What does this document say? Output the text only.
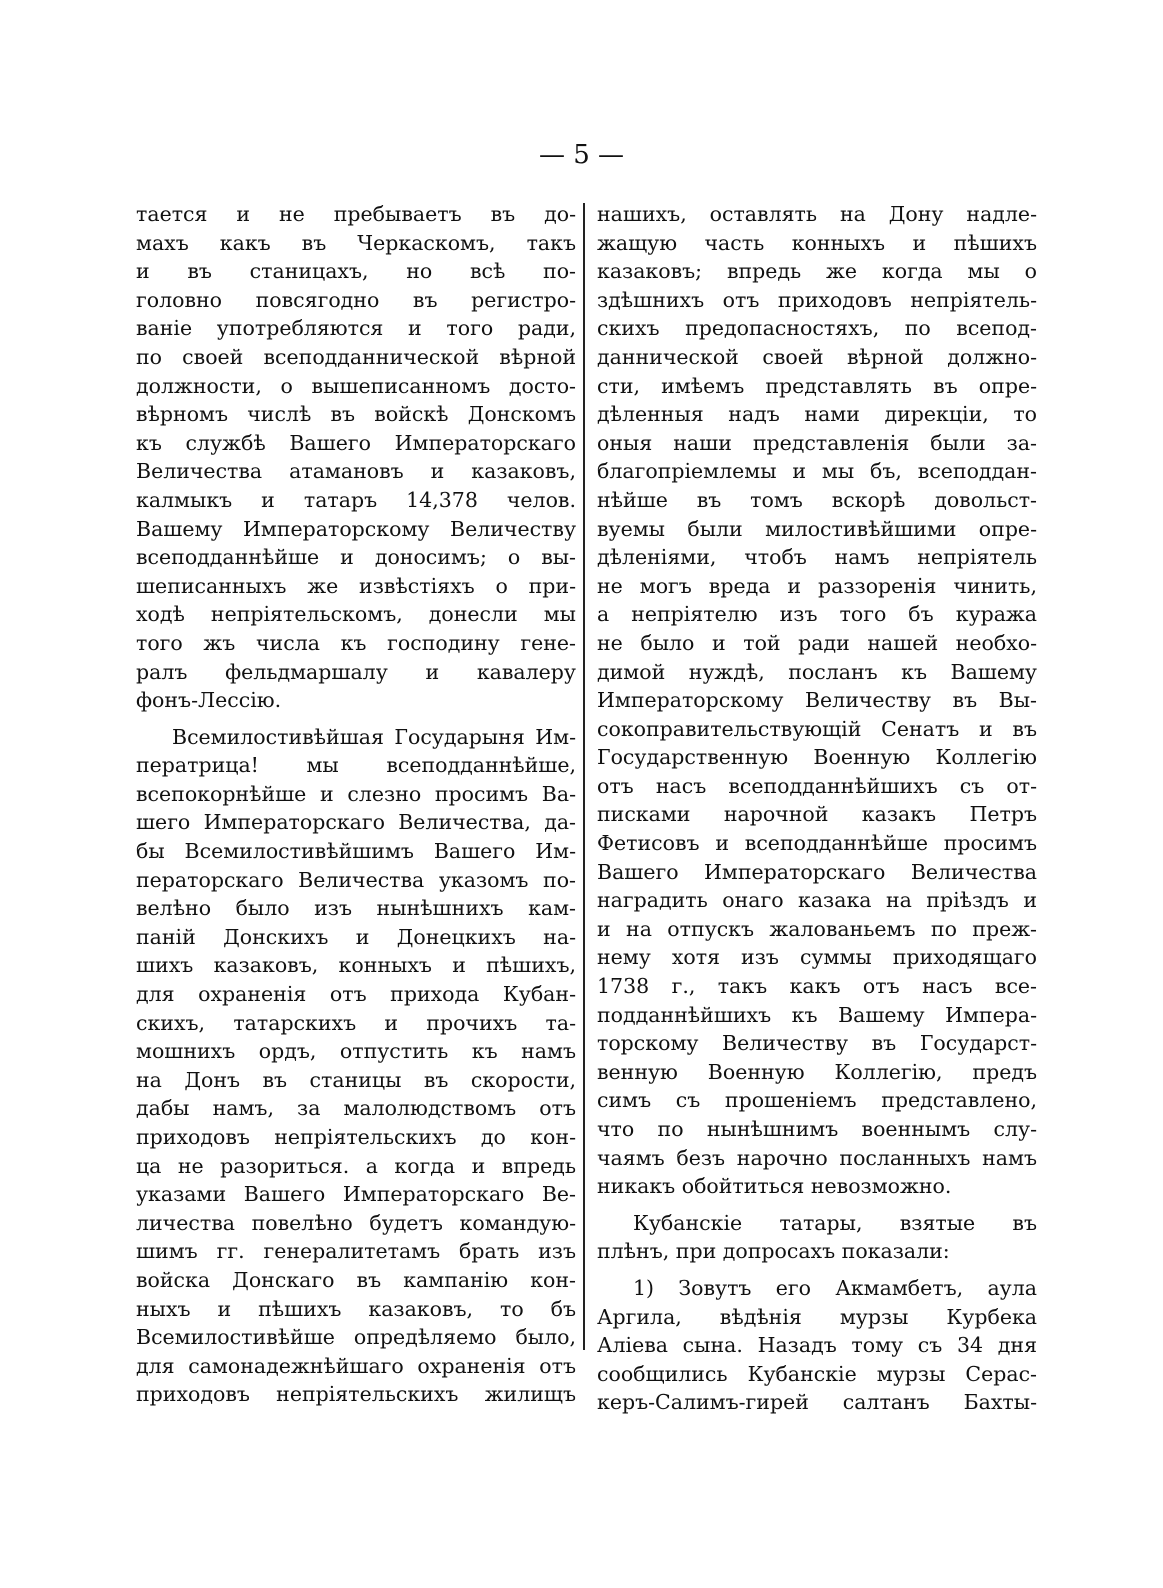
— 5 —
тается и не пребываетъ въ до-
махъ какъ въ Черкаскомъ, такъ
и въ станицахъ, но всѣ по-
головно повсягодно въ регистро-
ваніе употребляются и того ради,
по своей всеподданнической вѣрной
должности, о вышеписанномъ досто-
вѣрномъ числѣ въ войскѣ Донскомъ
къ службѣ Вашего Императорскаго
Величества атамановъ и казаковъ,
калмыкъ и татаръ 14,378 челов.
Вашему Императорскому Величеству
всеподданнѣйше и доносимъ; о вы-
шеписанныхъ же извѣстіяхъ о при-
ходѣ непріятельскомъ, донесли мы
того жъ числа къ господину гене-
ралъ фельдмаршалу и кавалеру
фонъ-Лессію.
Всемилостивѣйшая Государыня Им-
ператрица! мы всеподданнѣйше,
всепокорнѣйше и слезно просимъ Ва-
шего Императорскаго Величества, да-
бы Всемилостивѣйшимъ Вашего Им-
ператорскаго Величества указомъ по-
велѣно было изъ нынѣшнихъ кам-
паній Донскихъ и Донецкихъ на-
шихъ казаковъ, конныхъ и пѣшихъ,
для охраненія отъ прихода Кубан-
скихъ, татарскихъ и прочихъ та-
мошнихъ ордъ, отпустить къ намъ
на Донъ въ станицы въ скорости,
дабы намъ, за малолюдствомъ отъ
приходовъ непріятельскихъ до кон-
ца не разориться. а когда и впредь
указами Вашего Императорскаго Ве-
личества повелѣно будетъ командую-
шимъ гг. генералитетамъ брать изъ
войска Донскаго въ кампанію кон-
ныхъ и пѣшихъ казаковъ, то бъ
Всемилостивѣйше опредѣляемо было,
для самонадежнѣйшаго охраненія отъ
приходовъ непріятельскихъ жилищъ
нашихъ, оставлять на Дону надле-
жащую часть конныхъ и пѣшихъ
казаковъ; впредь же когда мы о
здѣшнихъ отъ приходовъ непріятель-
скихъ предопасностяхъ, по всепод-
даннической своей вѣрной должно-
сти, имѣемъ представлять въ опре-
дѣленныя надъ нами дирекціи, то
оныя наши представленія были за-
благопріемлемы и мы бъ, всеподдан-
нѣйше въ томъ вскорѣ довольст-
вуемы были милостивѣйшими опре-
дѣленіями, чтобъ намъ непріятель
не могъ вреда и раззоренія чинить,
а непріятелю изъ того бъ куража
не было и той ради нашей необхо-
димой нуждѣ, посланъ къ Вашему
Императорскому Величеству въ Вы-
сокоправительствующій Сенатъ и въ
Государственную Военную Коллегію
отъ насъ всеподданнѣйшихъ съ от-
писками нарочной казакъ Петръ
Фетисовъ и всеподданнѣйше просимъ
Вашего Императорскаго Величества
наградить онаго казака на пріѣздъ и
и на отпускъ жалованьемъ по преж-
нему хотя изъ суммы приходящаго
1738 г., такъ какъ отъ насъ все-
подданнѣйшихъ къ Вашему Импера-
торскому Величеству въ Государст-
венную Военную Коллегію, предъ
симъ съ прошеніемъ представлено,
что по нынѣшнимъ военнымъ слу-
чаямъ безъ нарочно посланныхъ намъ
никакъ обойтиться невозможно.
Кубанскіе татары, взятые въ
плѣнъ, при допросахъ показали:
1) Зовутъ его Акмамбетъ, аула
Аргила, вѣдѣнія мурзы Курбека
Аліева сына. Назадъ тому съ 34 дня
сообщились Кубанскіе мурзы Серас-
керъ-Салимъ-гирей салтанъ Бахты-
